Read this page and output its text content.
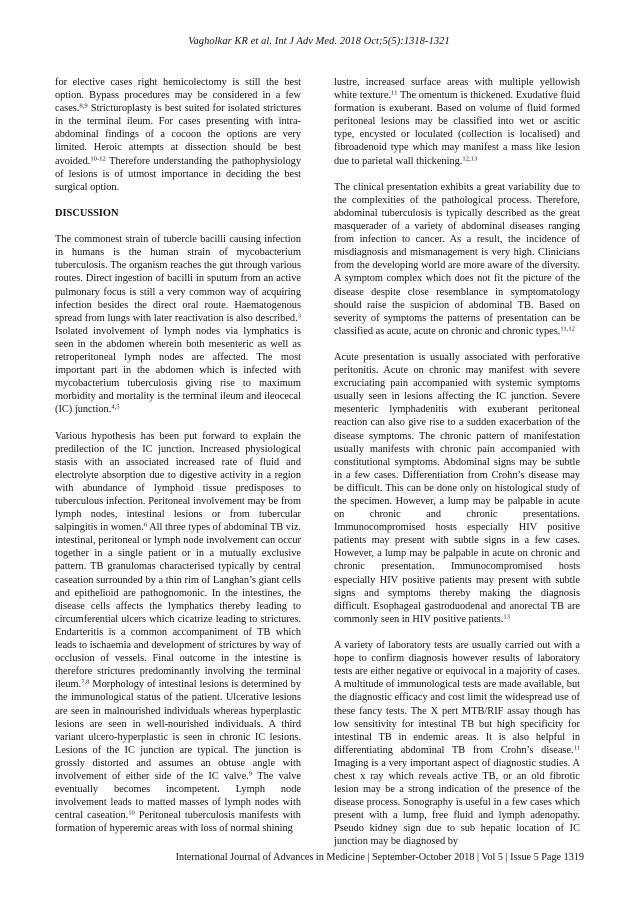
Vagholkar KR et al. Int J Adv Med. 2018 Oct;5(5):1318-1321

for elective cases right hemicolectomy is still the best option. Bypass procedures may be considered in a few cases.$^{8,9}$ Stricturoplasty is best suited for isolated strictures in the terminal ileum. For cases presenting with intra-abdominal findings of a cocoon the options are very limited. Heroic attempts at dissection should be best avoided.$^{10-12}$ Therefore understanding the pathophysiology of lesions is of utmost importance in deciding the best surgical option.

DISCUSSION

The commonest strain of tubercle bacilli causing infection in humans is the human strain of mycobacterium tuberculosis. The organism reaches the gut through various routes. Direct ingestion of bacilli in sputum from an active pulmonary focus is still a very common way of acquiring infection besides the direct oral route. Haematogenous spread from lungs with later reactivation is also described.$^3$ Isolated involvement of lymph nodes via lymphatics is seen in the abdomen wherein both mesenteric as well as retroperitoneal lymph nodes are affected. The most important part in the abdomen which is infected with mycobacterium tuberculosis giving rise to maximum morbidity and mortality is the terminal ileum and ileocecal (IC) junction.$^{4,5}$

Various hypothesis has been put forward to explain the predilection of the IC junction. Increased physiological stasis with an associated increased rate of fluid and electrolyte absorption due to digestive activity in a region with abundance of lymphoid tissue predisposes to tuberculous infection. Peritoneal involvement may be from lymph nodes, intestinal lesions or from tubercular salpingitis in women.$^6$ All three types of abdominal TB viz. intestinal, peritoneal or lymph node involvement can occur together in a single patient or in a mutually exclusive pattern. TB granulomas characterised typically by central caseation surrounded by a thin rim of Langhan’s giant cells and epithelioid are pathognomonic. In the intestines, the disease cells affects the lymphatics thereby leading to circumferential ulcers which cicatrize leading to strictures. Endarteritis is a common accompaniment of TB which leads to ischaemia and development of strictures by way of occlusion of vessels. Final outcome in the intestine is therefore strictures predominantly involving the terminal ileum.$^{7,8}$ Morphology of intestinal lesions is determined by the immunological status of the patient. Ulcerative lesions are seen in malnourished individuals whereas hyperplastic lesions are seen in well-nourished individuals. A third variant ulcero-hyperplastic is seen in chronic IC lesions. Lesions of the IC junction are typical. The junction is grossly distorted and assumes an obtuse angle with involvement of either side of the IC valve.$^9$ The valve eventually becomes incompetent. Lymph node involvement leads to matted masses of lymph nodes with central caseation.$^{10}$ Peritoneal tuberculosis manifests with formation of hyperemic areas with loss of normal shining

lustre, increased surface areas with multiple yellowish white texture.$^{11}$ The omentum is thickened. Exudative fluid formation is exuberant. Based on volume of fluid formed peritoneal lesions may be classified into wet or ascitic type, encysted or loculated (collection is localised) and fibroadenoid type which may manifest a mass like lesion due to parietal wall thickening.$^{12,13}$

The clinical presentation exhibits a great variability due to the complexities of the pathological process. Therefore, abdominal tuberculosis is typically described as the great masquerader of a variety of abdominal diseases ranging from infection to cancer. As a result, the incidence of misdiagnosis and mismanagement is very high. Clinicians from the developing world are more aware of the diversity. A symptom complex which does not fit the picture of the disease despite close resemblance in symptomatology should raise the suspicion of abdominal TB. Based on severity of symptoms the patterns of presentation can be classified as acute, acute on chronic and chronic types.$^{11,12}$

Acute presentation is usually associated with perforative peritonitis. Acute on chronic may manifest with severe excruciating pain accompanied with systemic symptoms usually seen in lesions affecting the IC junction. Severe mesenteric lymphadenitis with exuberant peritoneal reaction can also give rise to a sudden exacerbation of the disease symptoms. The chronic pattern of manifestation usually manifests with chronic pain accompanied with constitutional symptoms. Abdominal signs may be subtle in a few cases. Differentiation from Crohn’s disease may be difficult. This can be done only on histological study of the specimen. However, a lump may be palpable in acute on chronic and chronic presentations. Immunocompromised hosts especially HIV positive patients may present with subtle signs in a few cases. However, a lump may be palpable in acute on chronic and chronic presentation. Immunocompromised hosts especially HIV positive patients may present with subtle signs and symptoms thereby making the diagnosis difficult. Esophageal gastroduodenal and anorectal TB are commonly seen in HIV positive patients.$^{13}$

A variety of laboratory tests are usually carried out with a hope to confirm diagnosis however results of laboratory tests are either negative or equivocal in a majority of cases. A multitude of immunological tests are made available, but the diagnostic efficacy and cost limit the widespread use of these fancy tests. The X pert MTB/RIF assay though has low sensitivity for intestinal TB but high specificity for intestinal TB in endemic areas. It is also helpful in differentiating abdominal TB from Crohn’s disease.$^{11}$ Imaging is a very important aspect of diagnostic studies. A chest x ray which reveals active TB, or an old fibrotic lesion may be a strong indication of the presence of the disease process. Sonography is useful in a few cases which present with a lump, free fluid and lymph adenopathy. Pseudo kidney sign due to sub hepatic location of IC junction may be diagnosed by

International Journal of Advances in Medicine | September-October 2018 | Vol 5 | Issue 5 Page 1319
